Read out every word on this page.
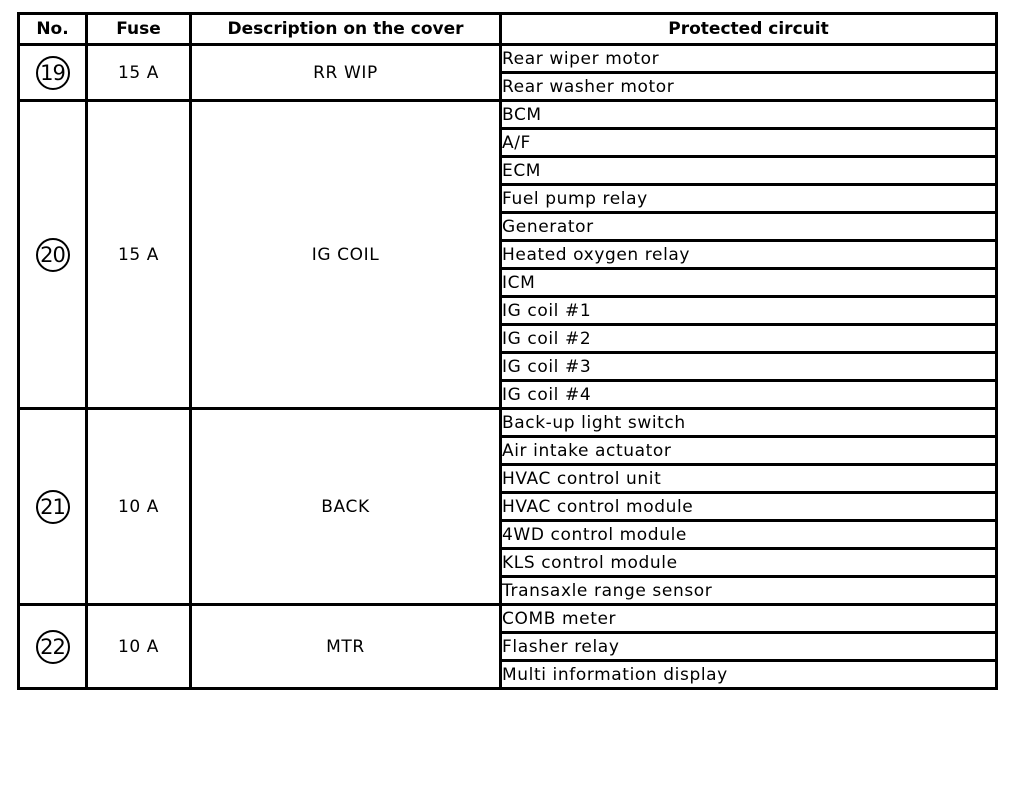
No.	Fuse	Description on the cover	Protected circuit
19	15 A	RR WIP	Rear wiper motor
			Rear washer motor
20	15 A	IG COIL	BCM
			A/F
			ECM
			Fuel pump relay
			Generator
			Heated oxygen relay
			ICM
			IG coil #1
			IG coil #2
			IG coil #3
			IG coil #4
21	10 A	BACK	Back-up light switch
			Air intake actuator
			HVAC control unit
			HVAC control module
			4WD control module
			KLS control module
			Transaxle range sensor
22	10 A	MTR	COMB meter
			Flasher relay
			Multi information display
